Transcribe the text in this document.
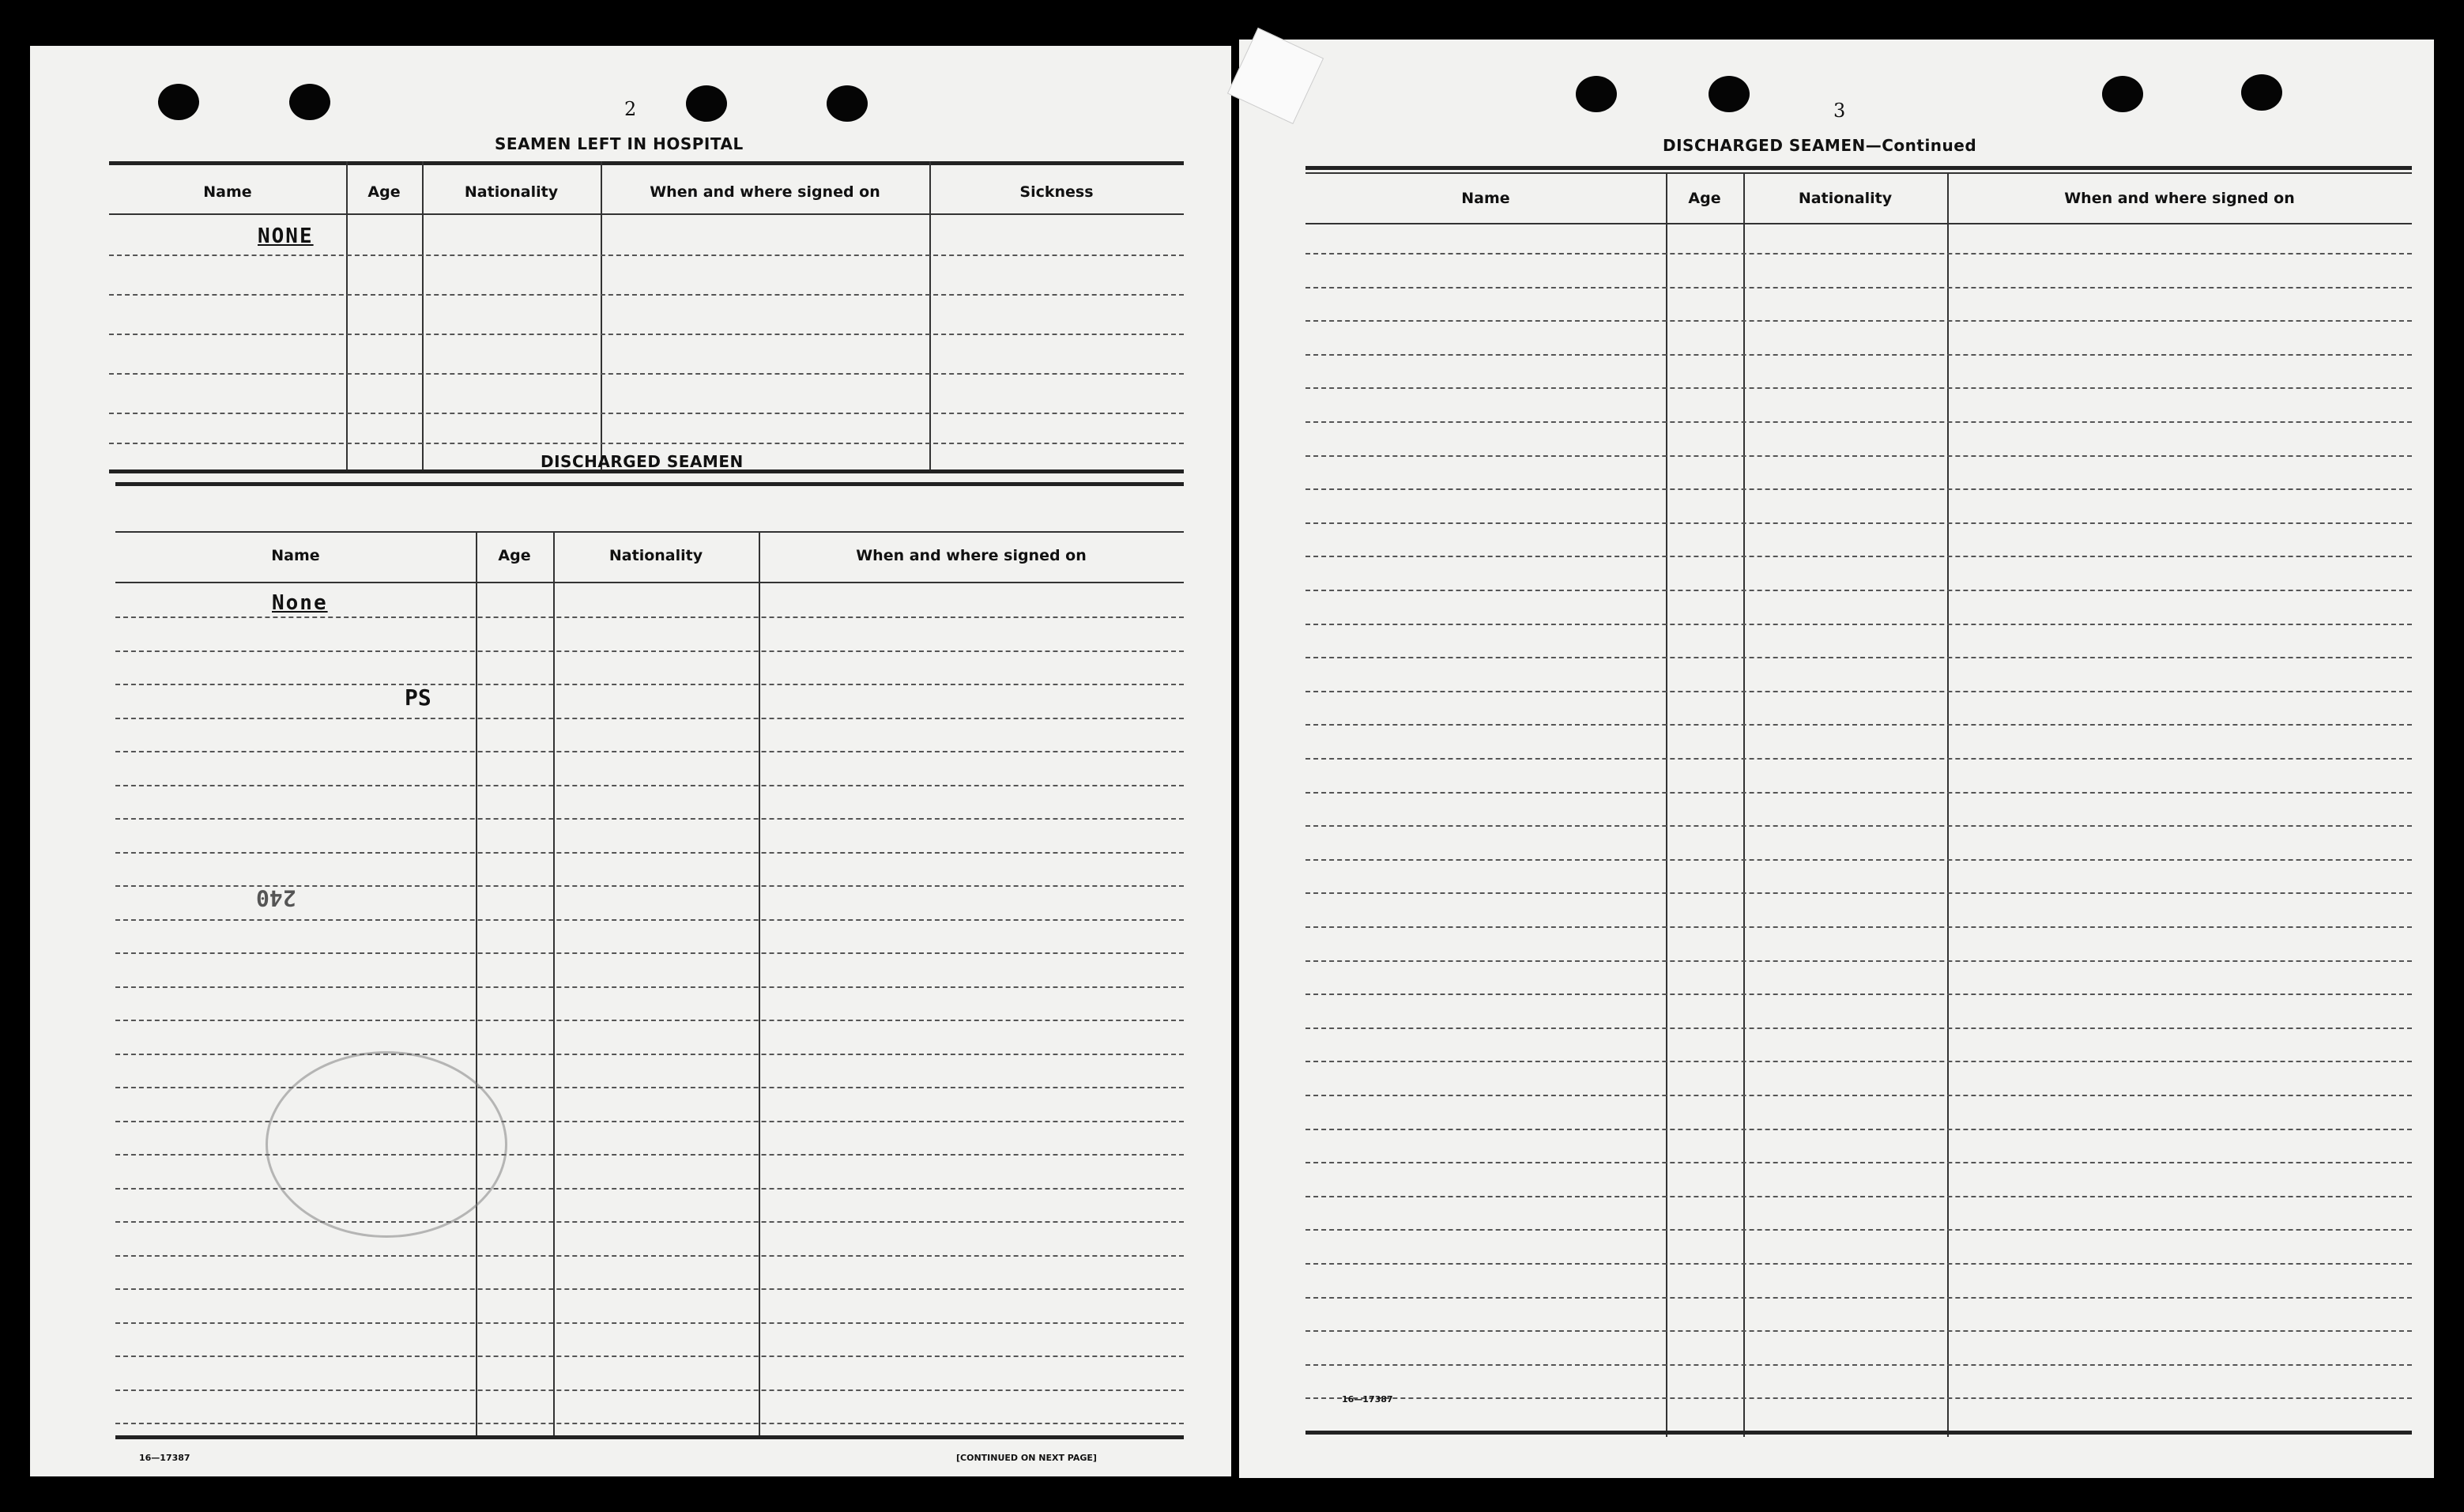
2
SEAMEN LEFT IN HOSPITAL
Name	Age	Nationality	When and where signed on	Sickness
NONE
DISCHARGED SEAMEN
Name	Age	Nationality	When and where signed on
None
PS
240
16—17387	[CONTINUED ON NEXT PAGE]
3
DISCHARGED SEAMEN—Continued
Name	Age	Nationality	When and where signed on
16—17387
